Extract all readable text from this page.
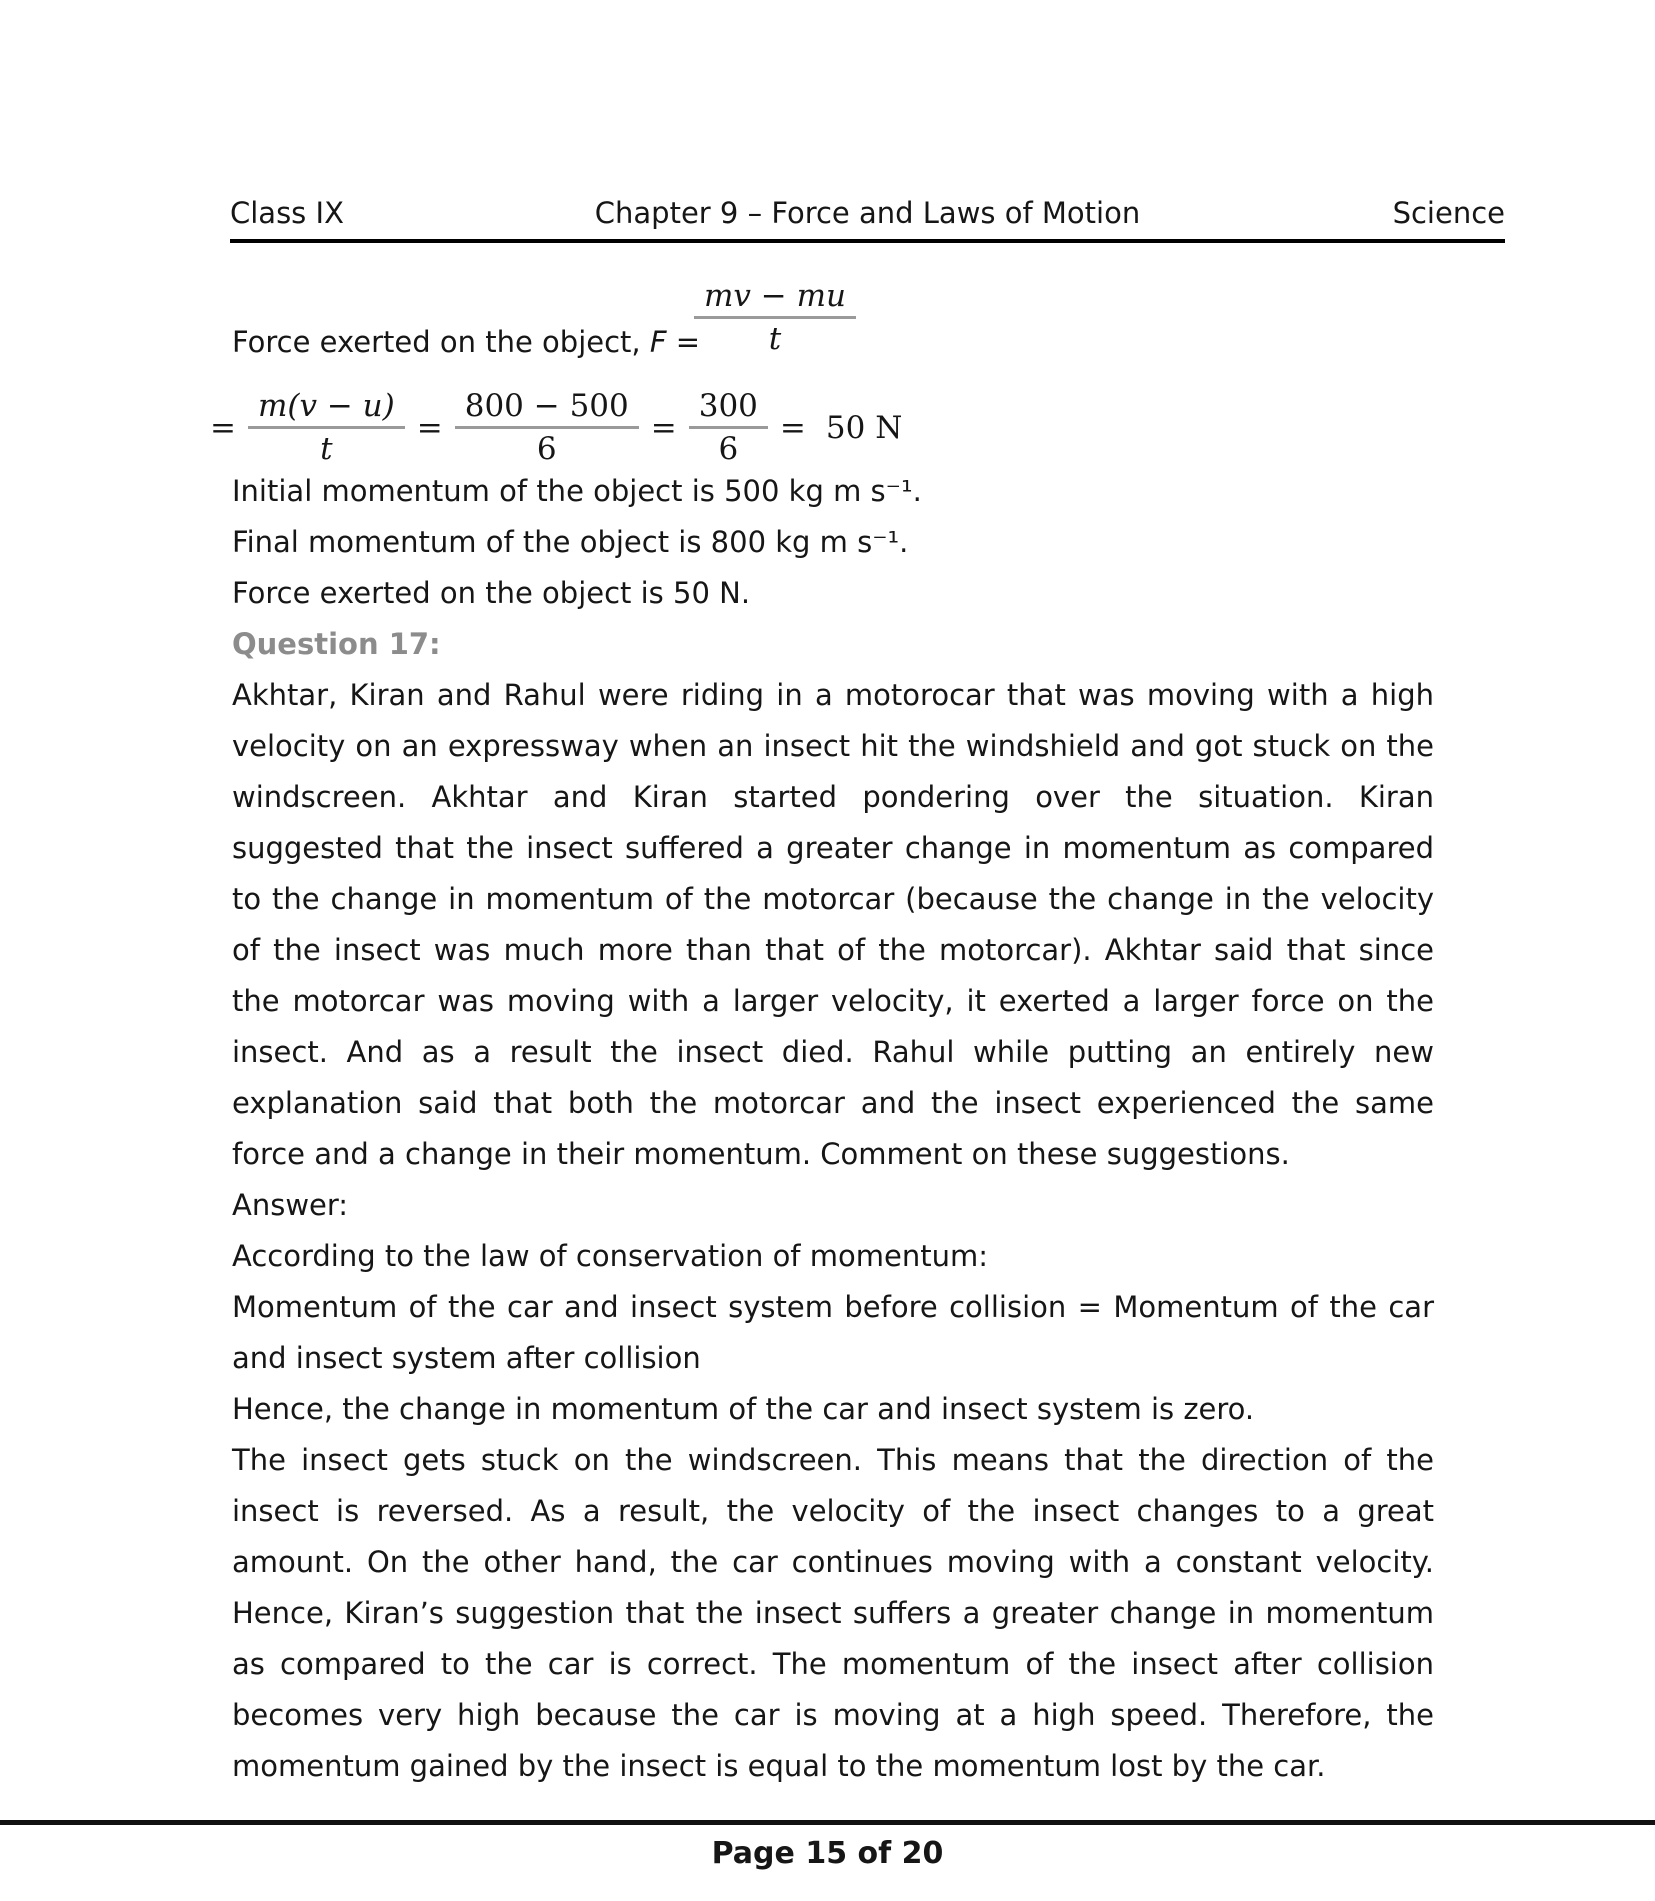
Class IX	Chapter 9 – Force and Laws of Motion	Science
Force exerted on the object, F =
mv − mu
t
= $\frac{m(v - u)}{t} = \frac{800 - 500}{6} = \frac{300}{6} = 50$ N
Initial momentum of the object is 500 kg m s⁻¹.
Final momentum of the object is 800 kg m s⁻¹.
Force exerted on the object is 50 N.
Question 17:
Akhtar, Kiran and Rahul were riding in a motorocar that was moving with a high velocity on an expressway when an insect hit the windshield and got stuck on the windscreen. Akhtar and Kiran started pondering over the situation. Kiran suggested that the insect suffered a greater change in momentum as compared to the change in momentum of the motorcar (because the change in the velocity of the insect was much more than that of the motorcar). Akhtar said that since the motorcar was moving with a larger velocity, it exerted a larger force on the insect. And as a result the insect died. Rahul while putting an entirely new explanation said that both the motorcar and the insect experienced the same force and a change in their momentum. Comment on these suggestions.
Answer:
According to the law of conservation of momentum:
Momentum of the car and insect system before collision = Momentum of the car and insect system after collision
Hence, the change in momentum of the car and insect system is zero.
The insect gets stuck on the windscreen. This means that the direction of the insect is reversed. As a result, the velocity of the insect changes to a great amount. On the other hand, the car continues moving with a constant velocity. Hence, Kiran’s suggestion that the insect suffers a greater change in momentum as compared to the car is correct. The momentum of the insect after collision becomes very high because the car is moving at a high speed. Therefore, the momentum gained by the insect is equal to the momentum lost by the car.
Page 15 of 20
